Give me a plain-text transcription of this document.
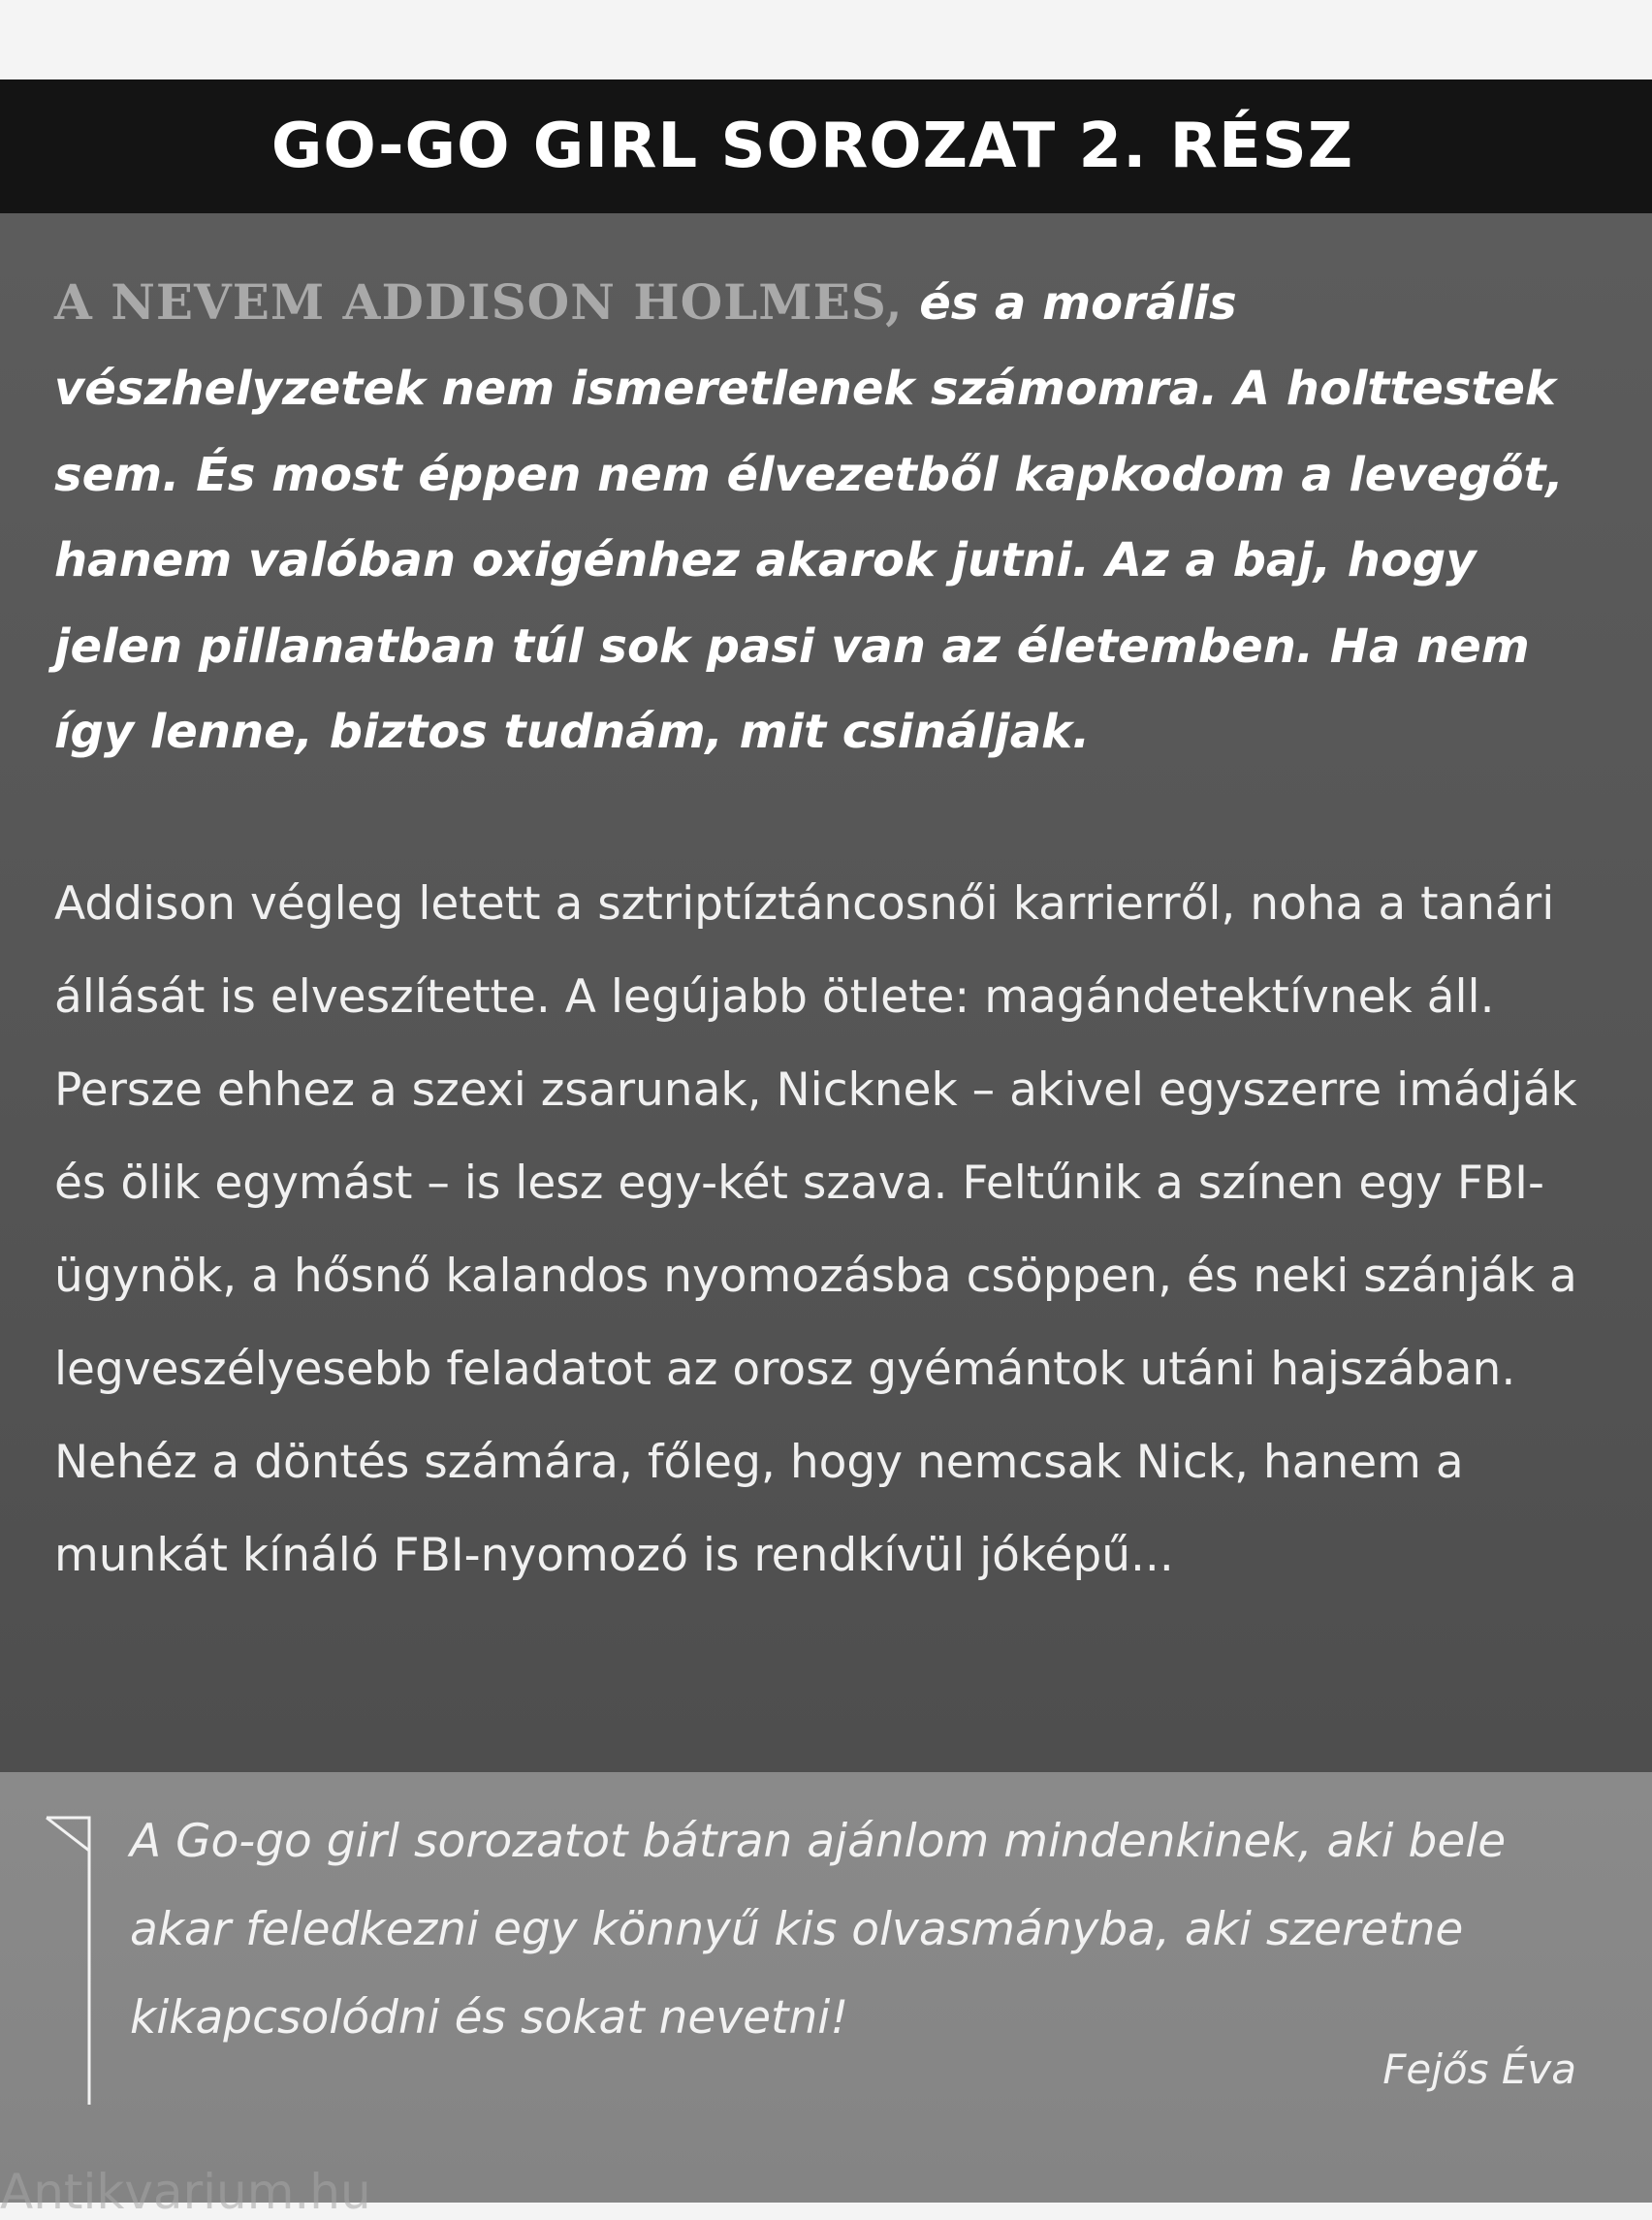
GO-GO GIRL SOROZAT 2. RÉSZ

A NEVEM ADDISON HOLMES, és a morális vészhelyzetek nem ismeretlenek számomra. A holttestek sem. És most éppen nem élvezetből kapkodom a levegőt, hanem valóban oxigénhez akarok jutni. Az a baj, hogy jelen pillanatban túl sok pasi van az életemben. Ha nem így lenne, biztos tudnám, mit csináljak.

Addison végleg letett a sztriptíztáncosnői karrierről, noha a tanári állását is elveszítette. A legújabb ötlete: magándetektívnek áll. Persze ehhez a szexi zsarunak, Nicknek – akivel egyszerre imádják és ölik egymást – is lesz egy-két szava. Feltűnik a színen egy FBI-ügynök, a hősnő kalandos nyomozásba csöppen, és neki szánják a legveszélyesebb feladatot az orosz gyémántok utáni hajszában. Nehéz a döntés számára, főleg, hogy nemcsak Nick, hanem a munkát kínáló FBI-nyomozó is rendkívül jóképű...

A Go-go girl sorozatot bátran ajánlom mindenkinek, aki bele akar feledkezni egy könnyű kis olvasmányba, aki szeretne kikapcsolódni és sokat nevetni!

Fejős Éva

Antikvarium.hu
